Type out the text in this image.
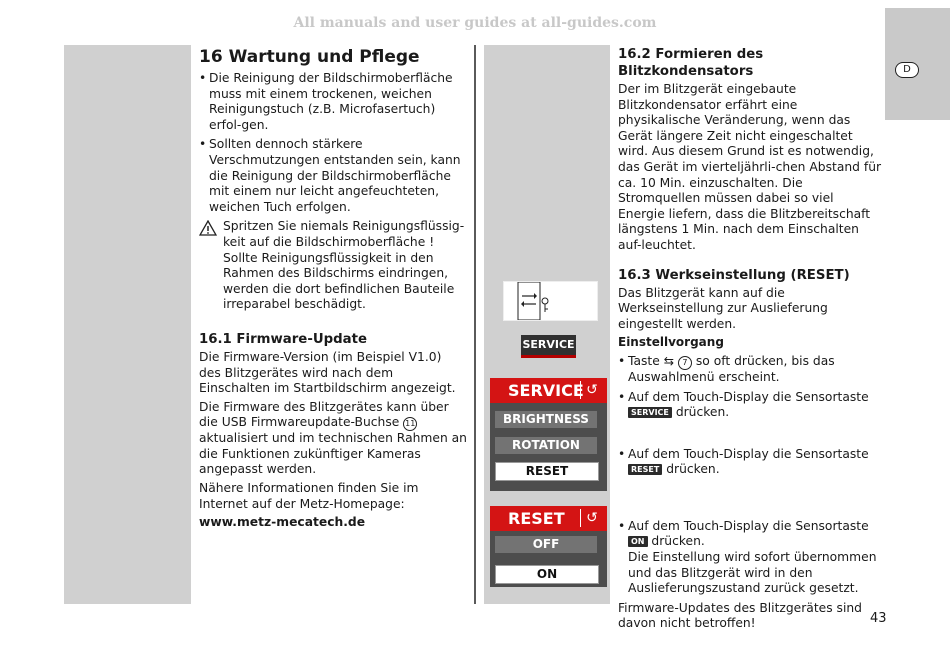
All manuals and user guides at all-guides.com
D
16 Wartung und Pflege
• Die Reinigung der Bildschirmoberfläche muss mit einem trockenen, weichen Reinigungstuch (z.B. Microfasertuch) erfol-gen.
• Sollten dennoch stärkere Verschmutzungen entstanden sein, kann die Reinigung der Bildschirmoberfläche mit einem nur leicht angefeuchteten, weichen Tuch erfolgen.
Spritzen Sie niemals Reinigungsflüssig-keit auf die Bildschirmoberfläche ! Sollte Reinigungsflüssigkeit in den Rahmen des Bildschirms eindringen, werden die dort befindlichen Bauteile irreparabel beschädigt.
16.1 Firmware-Update

Die Firmware-Version (im Beispiel V1.0) des Blitzgerätes wird nach dem Einschalten im Startbildschirm angezeigt.

Die Firmware des Blitzgerätes kann über die USB Firmwareupdate-Buchse 11 aktualisiert und im technischen Rahmen an die Funktionen zukünftiger Kameras angepasst werden.

Nähere Informationen finden Sie im Internet auf der Metz-Homepage:

www.metz-mecatech.de

SERVICE
SERVICE ↺
BRIGHTNESS
ROTATION
RESET
RESET	↺
OFF
ON
16.2 Formieren des Blitzkondensators

Der im Blitzgerät eingebaute Blitzkondensator erfährt eine physikalische Veränderung, wenn das Gerät längere Zeit nicht eingeschaltet wird. Aus diesem Grund ist es notwendig, das Gerät im vierteljährli-chen Abstand für ca. 10 Min. einzuschalten. Die Stromquellen müssen dabei so viel Energie liefern, dass die Blitzbereitschaft längstens 1 Min. nach dem Einschalten auf-leuchtet.

16.3 Werkseinstellung (RESET)

Das Blitzgerät kann auf die Werkseinstellung zur Auslieferung eingestellt werden.

Einstellvorgang

• Taste ⇆ 7 so oft drücken, bis das Auswahlmenü erscheint.
• Auf dem Touch-Display die Sensortaste SERVICE drücken.
• Auf dem Touch-Display die Sensortaste RESET drücken.
• Auf dem Touch-Display die Sensortaste ON drücken.
Die Einstellung wird sofort übernommen und das Blitzgerät wird in den Auslieferungszustand zurück gesetzt.

Firmware-Updates des Blitzgerätes sind davon nicht betroffen!	43
